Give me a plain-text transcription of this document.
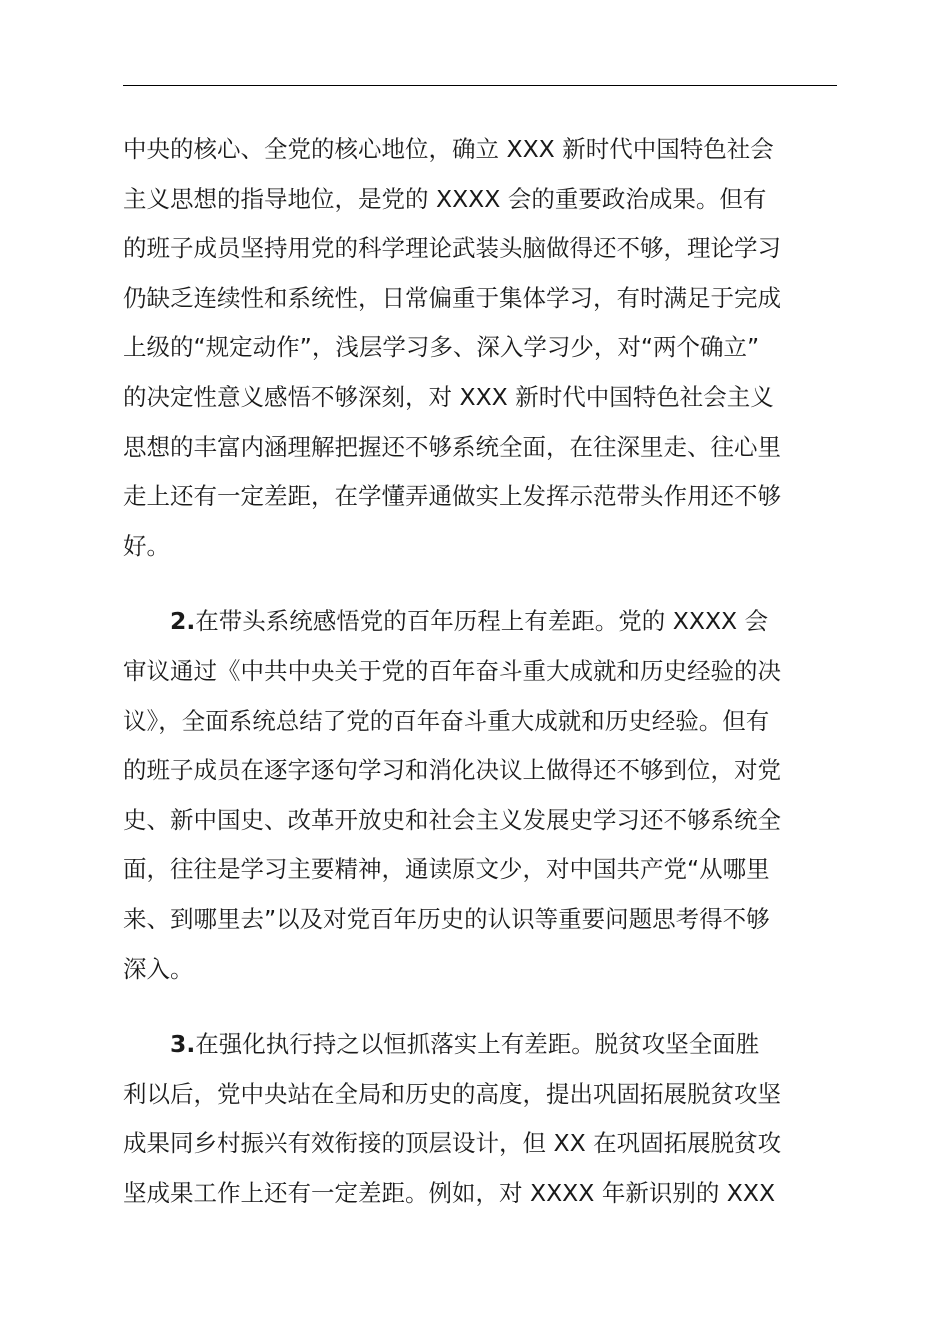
中央的核心、全党的核心地位，确立 XXX 新时代中国特色社会
主义思想的指导地位，是党的 XXXX 会的重要政治成果。但有
的班子成员坚持用党的科学理论武装头脑做得还不够，理论学习
仍缺乏连续性和系统性，日常偏重于集体学习，有时满足于完成
上级的“规定动作”，浅层学习多、深入学习少，对“两个确立”
的决定性意义感悟不够深刻，对 XXX 新时代中国特色社会主义
思想的丰富内涵理解把握还不够系统全面，在往深里走、往心里
走上还有一定差距，在学懂弄通做实上发挥示范带头作用还不够
好。
2.在带头系统感悟党的百年历程上有差距。党的 XXXX 会
审议通过《中共中央关于党的百年奋斗重大成就和历史经验的决
议》，全面系统总结了党的百年奋斗重大成就和历史经验。但有
的班子成员在逐字逐句学习和消化决议上做得还不够到位，对党
史、新中国史、改革开放史和社会主义发展史学习还不够系统全
面，往往是学习主要精神，通读原文少，对中国共产党“从哪里
来、到哪里去”以及对党百年历史的认识等重要问题思考得不够
深入。
3.在强化执行持之以恒抓落实上有差距。脱贫攻坚全面胜
利以后，党中央站在全局和历史的高度，提出巩固拓展脱贫攻坚
成果同乡村振兴有效衔接的顶层设计，但 XX 在巩固拓展脱贫攻
坚成果工作上还有一定差距。例如，对 XXXX 年新识别的 XXX
